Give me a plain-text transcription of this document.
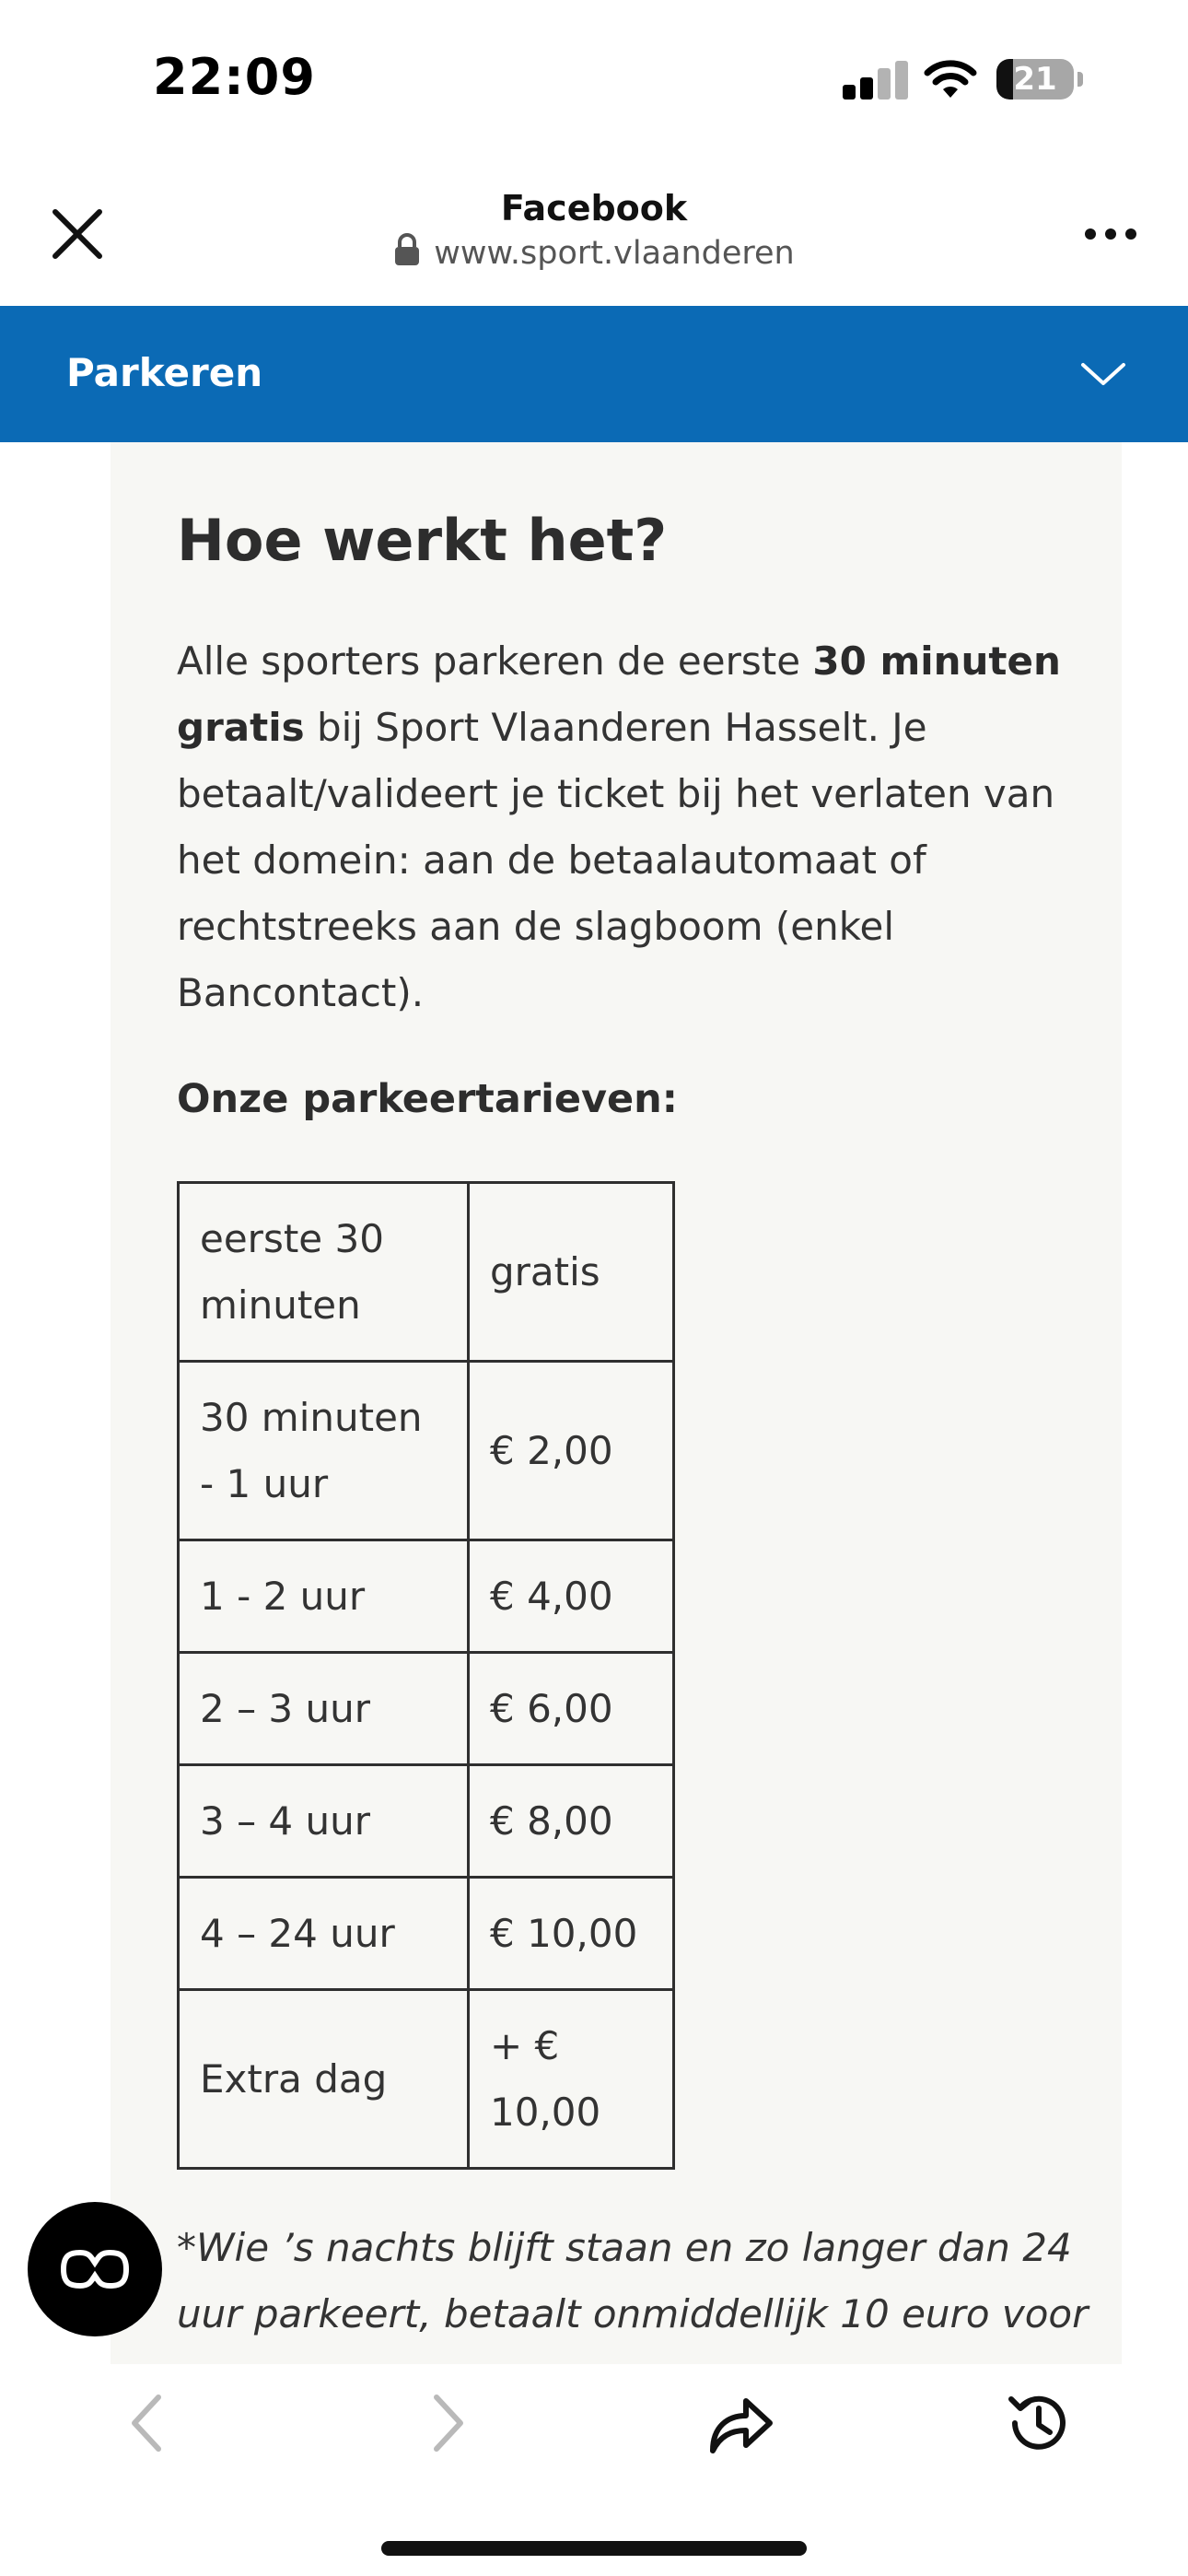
22:09	21
Facebook
www.sport.vlaanderen
Parkeren
Hoe werkt het?

Alle sporters parkeren de eerste 30 minuten gratis bij Sport Vlaanderen Hasselt. Je betaalt/valideert je ticket bij het verlaten van het domein: aan de betaalautomaat of rechtstreeks aan de slagboom (enkel Bancontact).

Onze parkeertarieven:
eerste 30 minuten	gratis
30 minuten - 1 uur	€ 2,00
1 - 2 uur	€ 4,00
2 – 3 uur	€ 6,00
3 – 4 uur	€ 8,00
4 – 24 uur	€ 10,00
Extra dag	+ € 10,00

*Wie ’s nachts blijft staan en zo langer dan 24 uur parkeert, betaalt onmiddellijk 10 euro voor
